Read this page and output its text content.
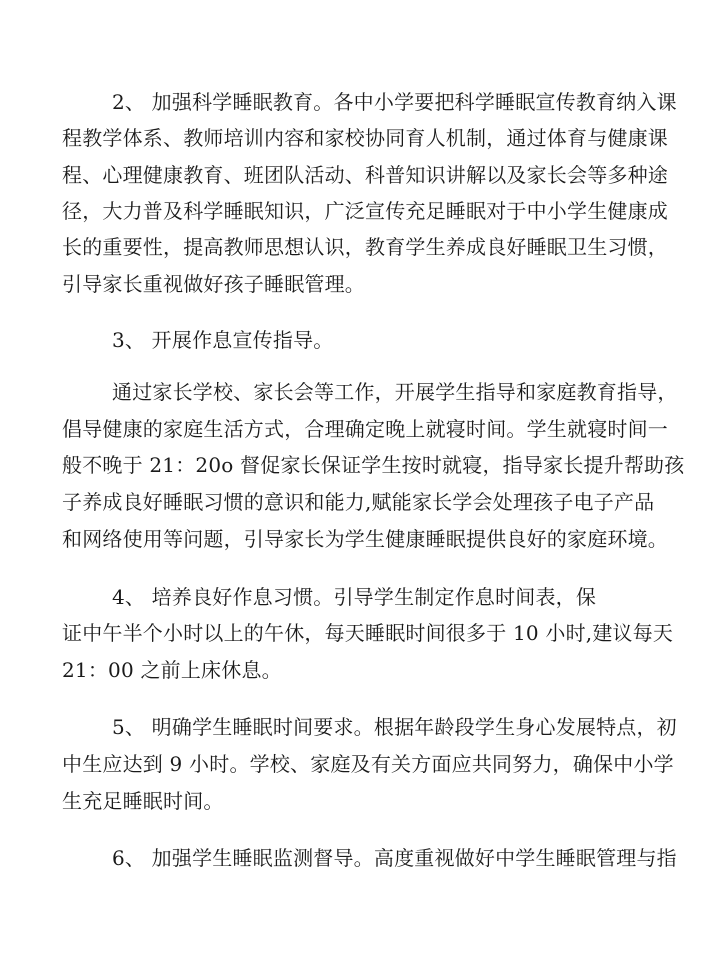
2、 加强科学睡眠教育。各中小学要把科学睡眠宣传教育纳入课
程教学体系、教师培训内容和家校协同育人机制，通过体育与健康课
程、心理健康教育、班团队活动、科普知识讲解以及家长会等多种途
径，大力普及科学睡眠知识，广泛宣传充足睡眠对于中小学生健康成
长的重要性，提高教师思想认识，教育学生养成良好睡眠卫生习惯，
引导家长重视做好孩子睡眠管理。
3、 开展作息宣传指导。
通过家长学校、家长会等工作，开展学生指导和家庭教育指导，
倡导健康的家庭生活方式，合理确定晚上就寝时间。学生就寝时间一
般不晚于 21：20o 督促家长保证学生按时就寝，指导家长提升帮助孩
子养成良好睡眠习惯的意识和能力,赋能家长学会处理孩子电子产品
和网络使用等问题，引导家长为学生健康睡眠提供良好的家庭环境。
4、 培养良好作息习惯。引导学生制定作息时间表，保
证中午半个小时以上的午休，每天睡眠时间很多于 10 小时,建议每天
21：00 之前上床休息。
5、 明确学生睡眠时间要求。根据年龄段学生身心发展特点，初
中生应达到 9 小时。学校、家庭及有关方面应共同努力，确保中小学
生充足睡眠时间。
6、 加强学生睡眠监测督导。高度重视做好中学生睡眠管理与指
